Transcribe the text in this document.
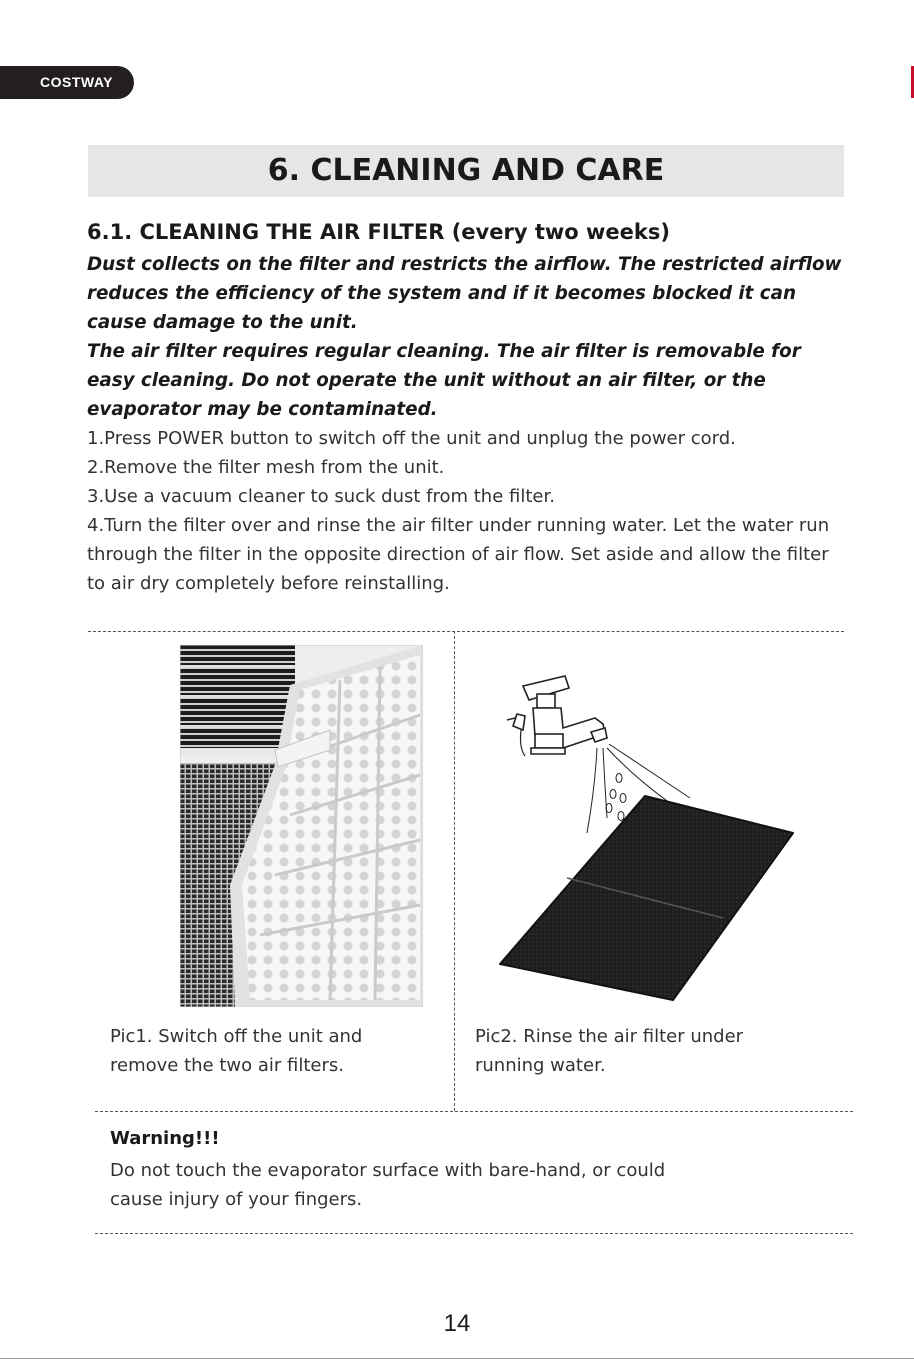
COSTWAY
6. CLEANING AND CARE
6.1. CLEANING THE AIR FILTER (every two weeks)

Dust collects on the filter and restricts the airflow. The restricted airflow reduces the efficiency of the system and if it becomes blocked it can cause damage to the unit.

The air filter requires regular cleaning. The air filter is removable for easy cleaning. Do not operate the unit without an air filter, or the evaporator may be contaminated.

1.Press POWER button to switch off the unit and unplug the power cord.

2.Remove the filter mesh from the unit.

3.Use a vacuum cleaner to suck dust from the filter.

4.Turn the filter over and rinse the air filter under running water. Let the water run through the filter in the opposite direction of air flow. Set aside and allow the filter to air dry completely before reinstalling.

Pic1. Switch off the unit and
remove the two air filters.
Pic2. Rinse the air filter under
running water.
Warning!!!
Do not touch the evaporator surface with bare-hand, or could
cause injury of your fingers.
14
